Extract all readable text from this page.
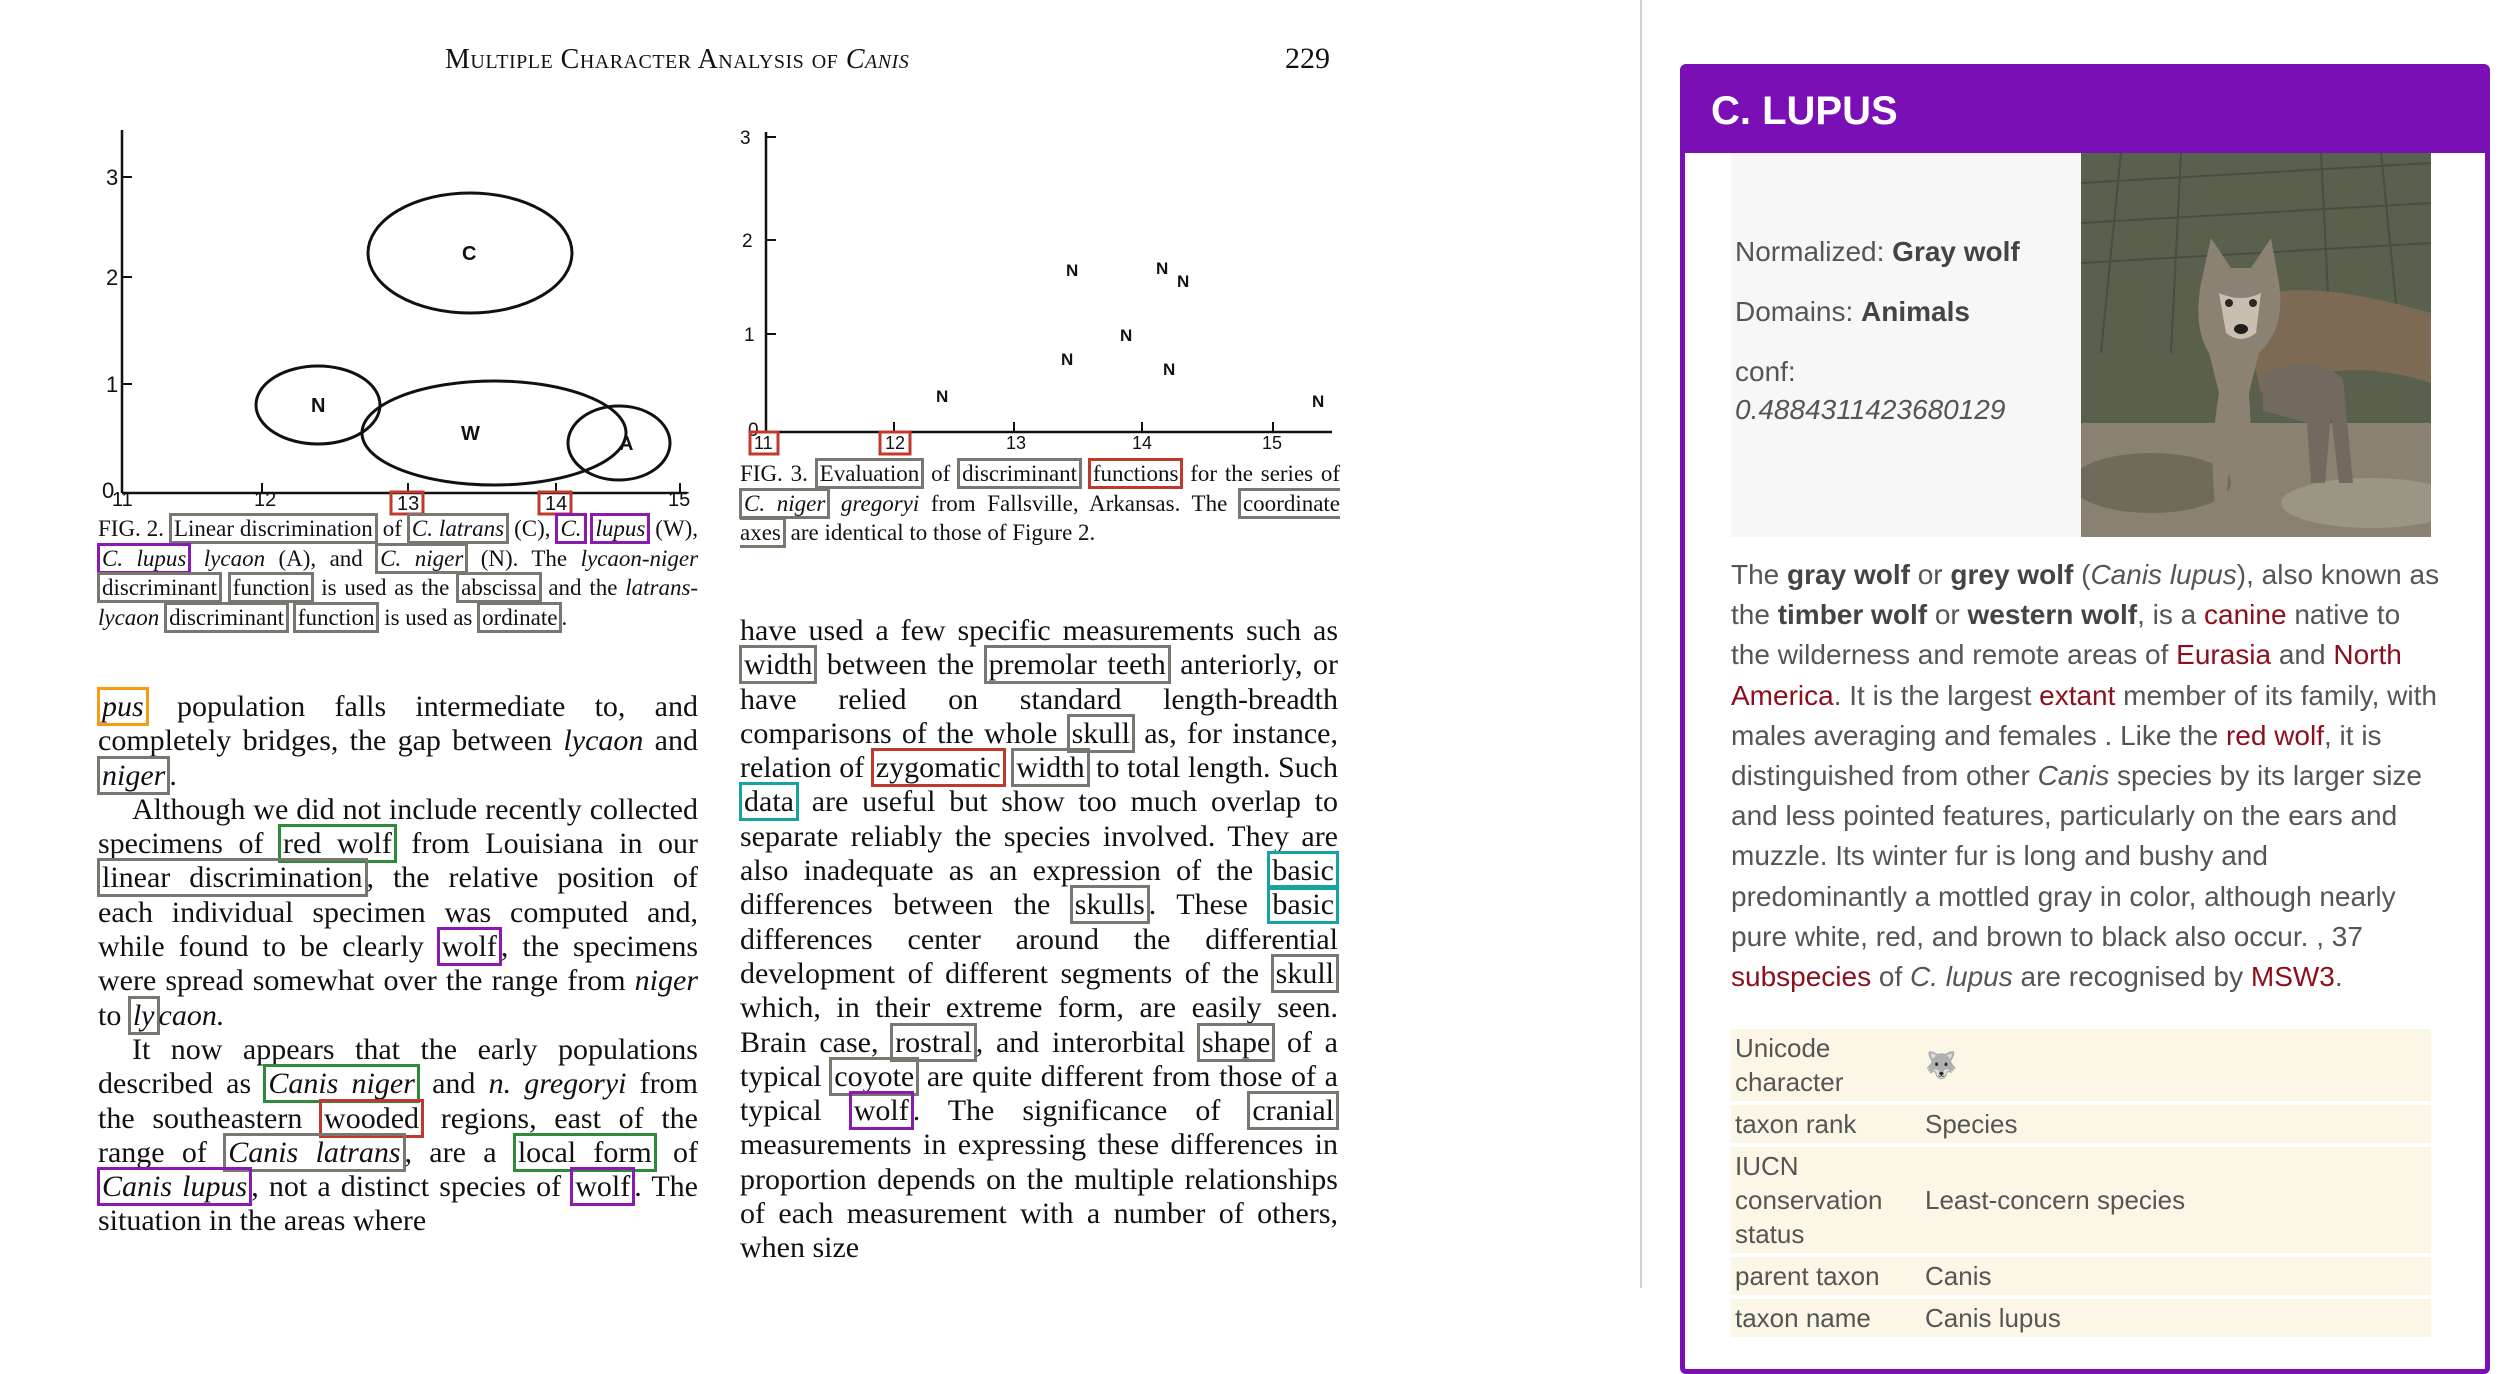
Multiple Character Analysis of Canis	229
3
2
1
0
11	12	13	14	15
C
N
W	A
3
2
1
0
11	12	13	14	15
N	N
N
N
N
N
N	N

FIG. 2. Linear discrimination of C. latrans (C), C. lupus (W), C. lupus lycaon (A), and C. niger (N). The lycaon-niger discriminant function is used as the abscissa and the latrans-lycaon discriminant function is used as ordinate .

FIG. 3. Evaluation of discriminant functions for the series of C. niger gregoryi from Fallsville, Arkansas. The coordinate axes are identical to those of Figure 2.

pus population falls intermediate to, and completely bridges, the gap between lycaon and niger .

Although we did not include recently collected specimens of red wolf from Louisiana in our linear discrimination , the relative position of each individual specimen was computed and, while found to be clearly wolf , the specimens were spread somewhat over the range from niger to ly caon.

It now appears that the early populations described as Canis niger and n. gregoryi from the southeastern wooded regions, east of the range of Canis latrans , are a local form of Canis lupus , not a distinct species of wolf . The situation in the areas where

have used a few specific measurements such as width between the premolar teeth anteriorly, or have relied on standard length-breadth comparisons of the whole skull as, for instance, relation of zygomatic width to total length. Such data are useful but show too much overlap to separate reliably the species involved. They are also inadequate as an expression of the basic differences between the skulls . These basic differences center around the differential development of different segments of the skull which, in their extreme form, are easily seen. Brain case, rostral , and interorbital shape of a typical coyote are quite different from those of a typical wolf . The significance of cranial measurements in expressing these differences in proportion depends on the multiple relationships of each measurement with a number of others, when size

C. LUPUS
Normalized: Gray wolf
Domains: Animals
conf:
0.4884311423680129
The gray wolf or grey wolf (Canis lupus), also known as the timber wolf or western wolf, is a canine native to the wilderness and remote areas of Eurasia and North America. It is the largest extant member of its family, with males averaging and females . Like the red wolf, it is distinguished from other Canis species by its larger size and less pointed features, particularly on the ears and muzzle. Its winter fur is long and bushy and predominantly a mottled gray in color, although nearly pure white, red, and brown to black also occur. , 37 subspecies of C. lupus are recognised by MSW3.
Unicode character	🐺
taxon rank	Species
IUCN conservation status	Least-concern species
parent taxon	Canis
taxon name	Canis lupus
